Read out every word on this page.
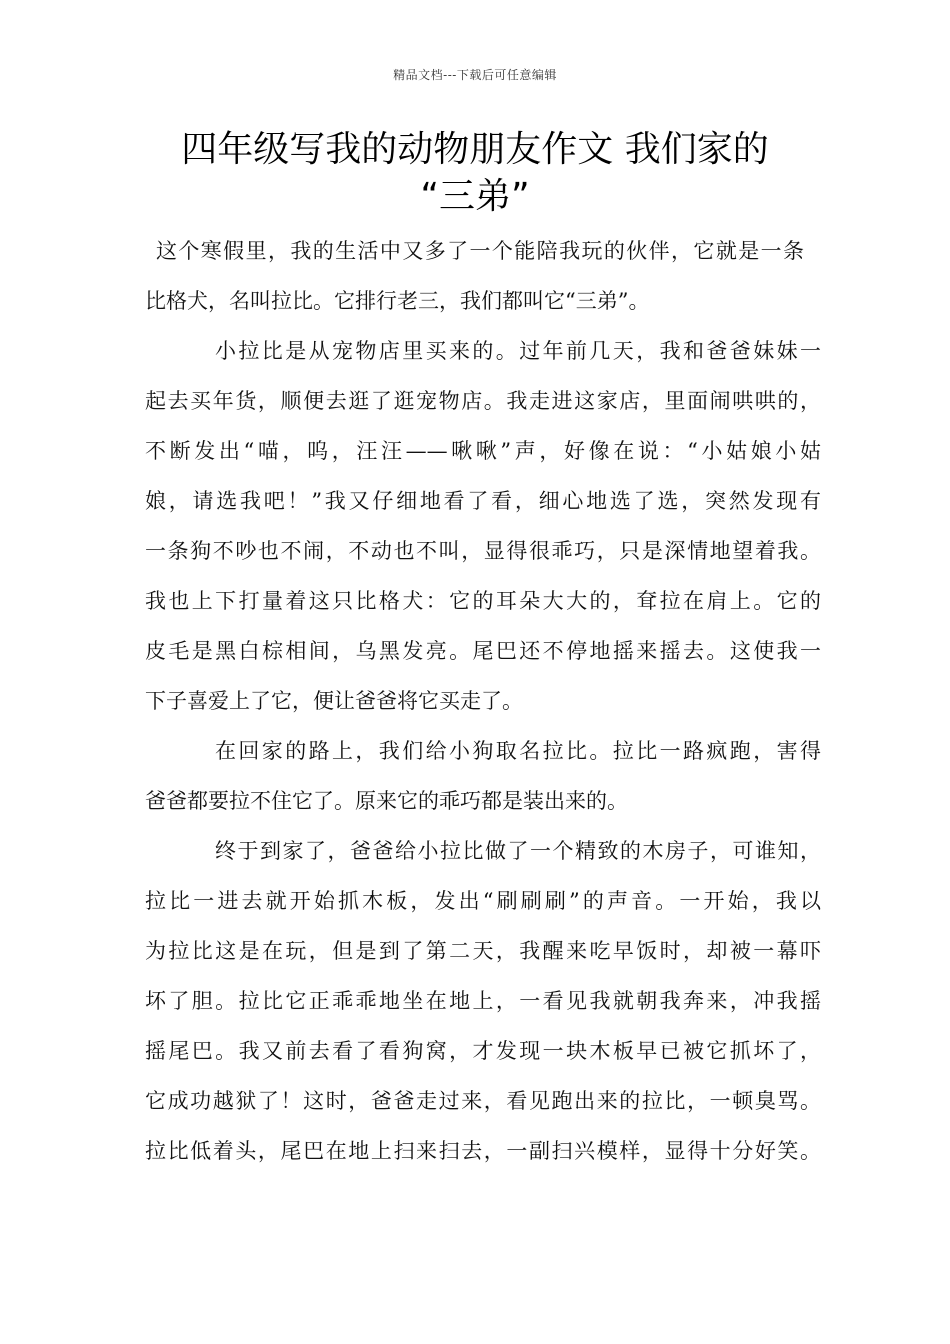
精品文档---下载后可任意编辑
四年级写我的动物朋友作文 我们家的
“三弟”
这个寒假里，我的生活中又多了一个能陪我玩的伙伴，它就是一条
比格犬，名叫拉比。它排行老三，我们都叫它“三弟”。
小拉比是从宠物店里买来的。过年前几天，我和爸爸妹妹一
起去买年货，顺便去逛了逛宠物店。我走进这家店，里面闹哄哄的，
不断发出“喵，呜，汪汪——啾啾”声，好像在说：“小姑娘小姑
娘，请选我吧！”我又仔细地看了看，细心地选了选，突然发现有
一条狗不吵也不闹，不动也不叫，显得很乖巧，只是深情地望着我。
我也上下打量着这只比格犬：它的耳朵大大的，耷拉在肩上。它的
皮毛是黑白棕相间，乌黑发亮。尾巴还不停地摇来摇去。这使我一
下子喜爱上了它，便让爸爸将它买走了。
在回家的路上，我们给小狗取名拉比。拉比一路疯跑，害得
爸爸都要拉不住它了。原来它的乖巧都是装出来的。
终于到家了，爸爸给小拉比做了一个精致的木房子，可谁知，
拉比一进去就开始抓木板，发出“刷刷刷”的声音。一开始，我以
为拉比这是在玩，但是到了第二天，我醒来吃早饭时，却被一幕吓
坏了胆。拉比它正乖乖地坐在地上，一看见我就朝我奔来，冲我摇
摇尾巴。我又前去看了看狗窝，才发现一块木板早已被它抓坏了，
它成功越狱了！这时，爸爸走过来，看见跑出来的拉比，一顿臭骂。
拉比低着头，尾巴在地上扫来扫去，一副扫兴模样，显得十分好笑。
